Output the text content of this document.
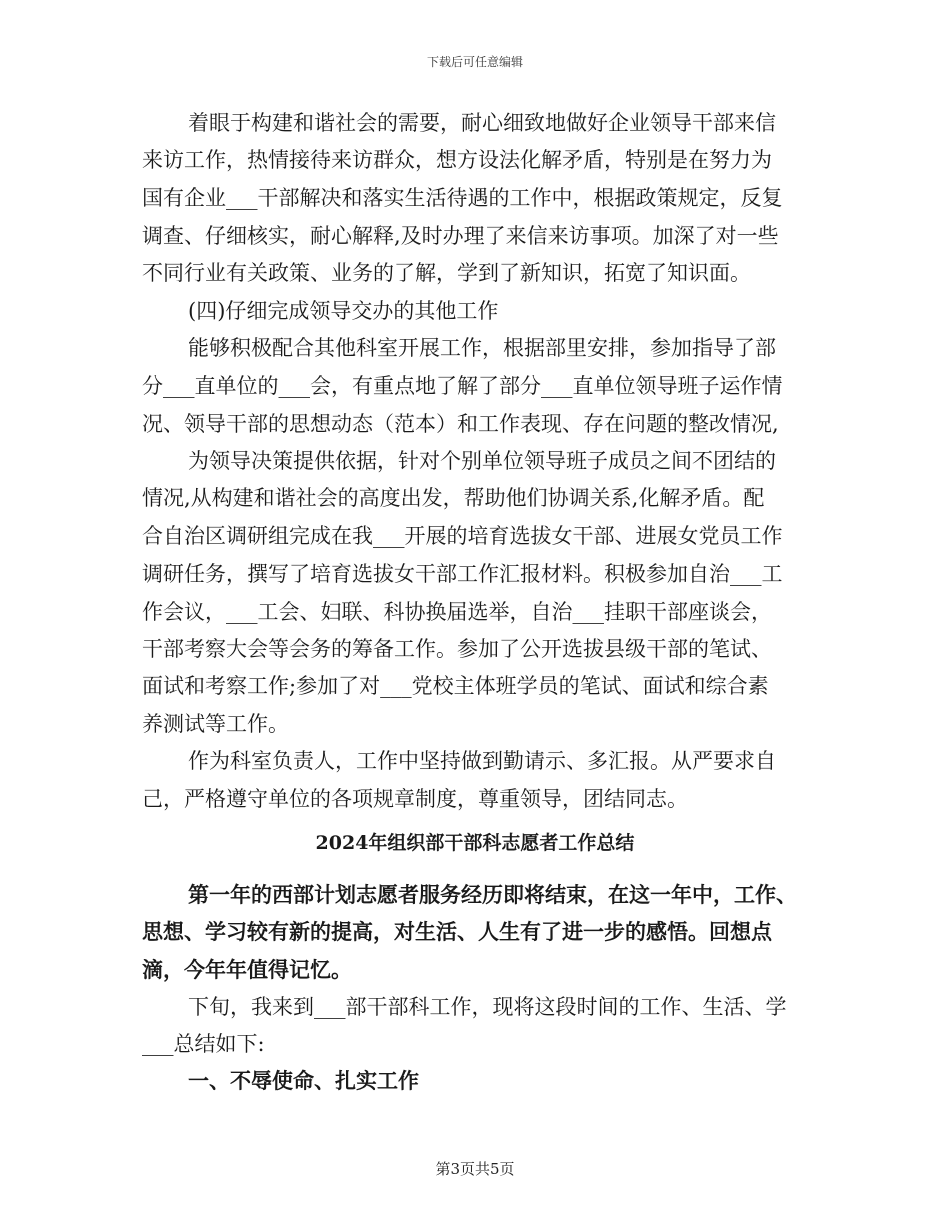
下载后可任意编辑
着眼于构建和谐社会的需要，耐心细致地做好企业领导干部来信
来访工作，热情接待来访群众，想方设法化解矛盾，特别是在努力为
国有企业___干部解决和落实生活待遇的工作中，根据政策规定，反复
调查、仔细核实，耐心解释,及时办理了来信来访事项。加深了对一些
不同行业有关政策、业务的了解，学到了新知识，拓宽了知识面。
(四)仔细完成领导交办的其他工作
能够积极配合其他科室开展工作，根据部里安排，参加指导了部
分___直单位的___会，有重点地了解了部分___直单位领导班子运作情
况、领导干部的思想动态（范本）和工作表现、存在问题的整改情况,
为领导决策提供依据，针对个别单位领导班子成员之间不团结的
情况,从构建和谐社会的高度出发，帮助他们协调关系,化解矛盾。配
合自治区调研组完成在我___开展的培育选拔女干部、进展女党员工作
调研任务，撰写了培育选拔女干部工作汇报材料。积极参加自治___工
作会议，___工会、妇联、科协换届选举，自治___挂职干部座谈会，
干部考察大会等会务的筹备工作。参加了公开选拔县级干部的笔试、
面试和考察工作;参加了对___党校主体班学员的笔试、面试和综合素
养测试等工作。
作为科室负责人，工作中坚持做到勤请示、多汇报。从严要求自
己，严格遵守单位的各项规章制度，尊重领导，团结同志。
2024年组织部干部科志愿者工作总结
第一年的西部计划志愿者服务经历即将结束，在这一年中，工作、
思想、学习较有新的提高，对生活、人生有了进一步的感悟。回想点
滴，今年年值得记忆。
下旬，我来到___部干部科工作，现将这段时间的工作、生活、学
___总结如下:
一、不辱使命、扎实工作
第3页共5页
